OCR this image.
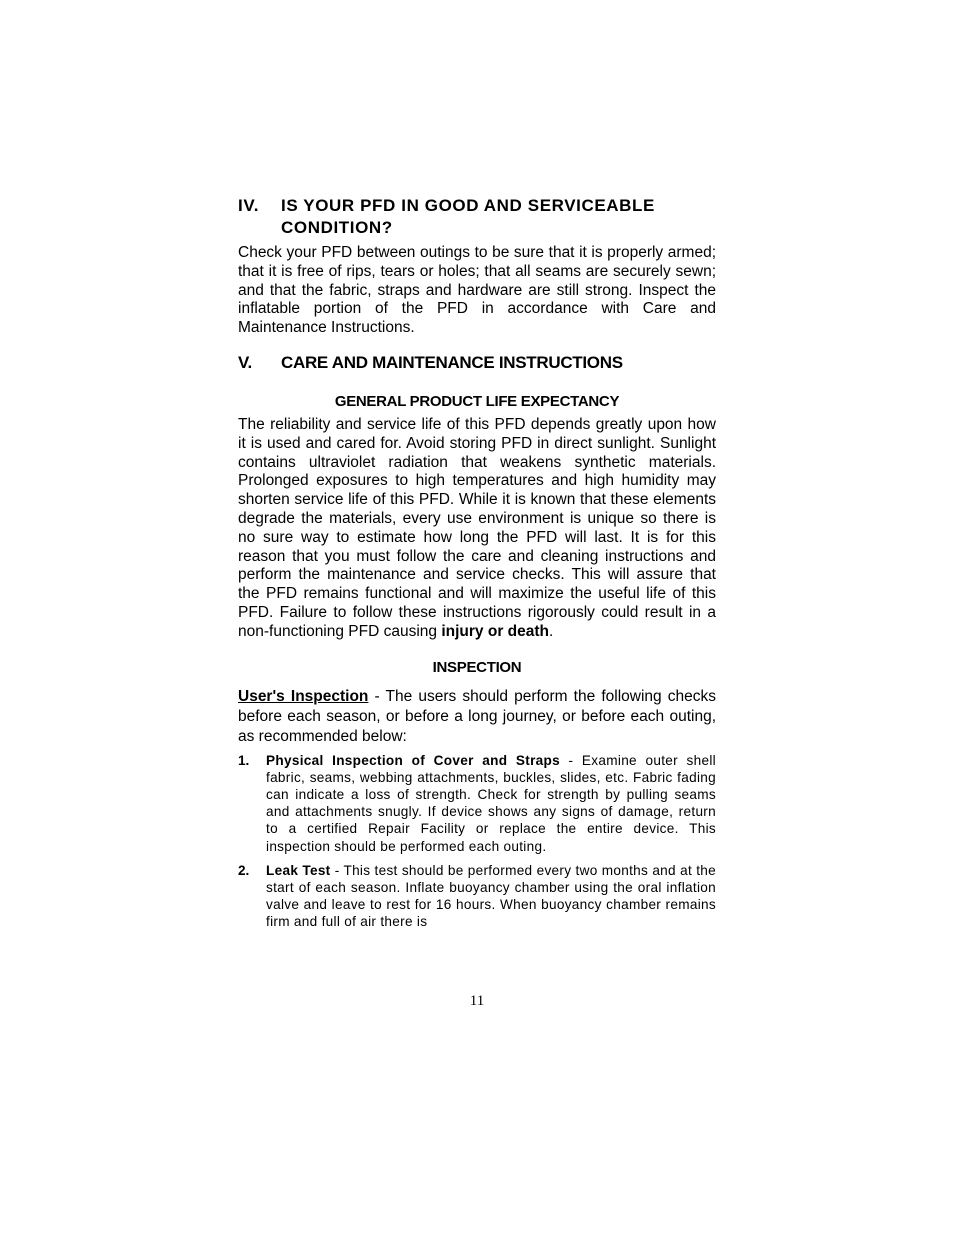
IV.	IS YOUR PFD IN GOOD AND SERVICEABLE CONDITION?

Check your PFD between outings to be sure that it is properly armed; that it is free of rips, tears or holes; that all seams are securely sewn; and that the fabric, straps and hardware are still strong. Inspect the inflatable portion of the PFD in accordance with Care and Maintenance Instructions.

V.	CARE AND MAINTENANCE INSTRUCTIONS
GENERAL PRODUCT LIFE EXPECTANCY

The reliability and service life of this PFD depends greatly upon how it is used and cared for. Avoid storing PFD in direct sunlight. Sunlight contains ultraviolet radiation that weakens synthetic materials. Prolonged exposures to high temperatures and high humidity may shorten service life of this PFD. While it is known that these elements degrade the materials, every use environment is unique so there is no sure way to estimate how long the PFD will last. It is for this reason that you must follow the care and cleaning instructions and perform the maintenance and service checks. This will assure that the PFD remains functional and will maximize the useful life of this PFD. Failure to follow these instructions rigorously could result in a non-functioning PFD causing injury or death.

INSPECTION

User's Inspection - The users should perform the following checks before each season, or before a long journey, or before each outing, as recommended below:

1.	Physical Inspection of Cover and Straps - Examine outer shell fabric, seams, webbing attachments, buckles, slides, etc. Fabric fading can indicate a loss of strength. Check for strength by pulling seams and attachments snugly. If device shows any signs of damage, return to a certified Repair Facility or replace the entire device. This inspection should be performed each outing.
2.	Leak Test - This test should be performed every two months and at the start of each season. Inflate buoyancy chamber using the oral inflation valve and leave to rest for 16 hours. When buoyancy chamber remains firm and full of air there is
11
